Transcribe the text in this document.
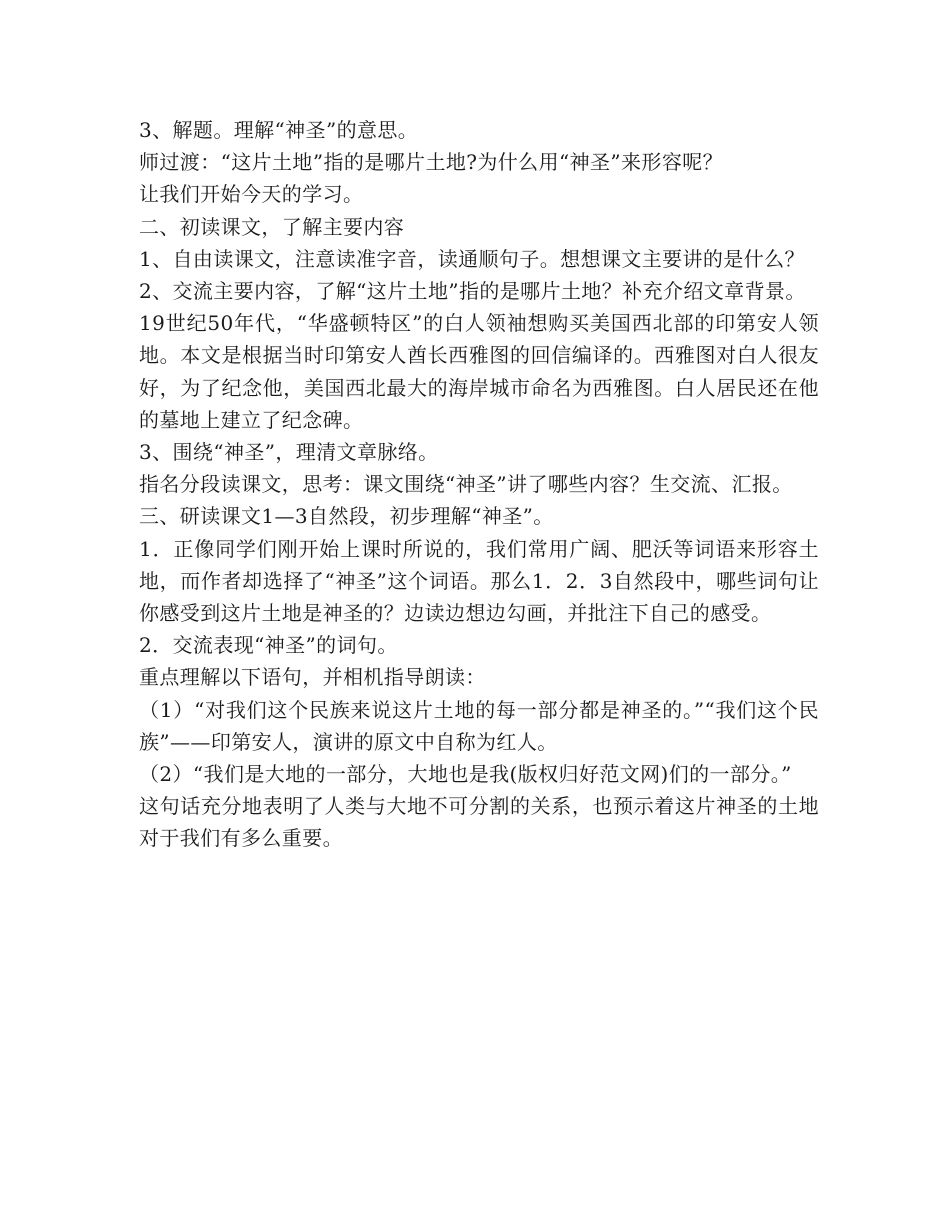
3、解题。理解“神圣”的意思。

师过渡：“这片土地”指的是哪片土地?为什么用“神圣”来形容呢？

让我们开始今天的学习。

二、初读课文，了解主要内容

1、自由读课文，注意读准字音，读通顺句子。想想课文主要讲的是什么？

2、交流主要内容，了解“这片土地”指的是哪片土地？补充介绍文章背景。

19世纪50年代，“华盛顿特区”的白人领袖想购买美国西北部的印第安人领地。本文是根据当时印第安人酋长西雅图的回信编译的。西雅图对白人很友好，为了纪念他，美国西北最大的海岸城市命名为西雅图。白人居民还在他的墓地上建立了纪念碑。

3、围绕“神圣”，理清文章脉络。

指名分段读课文，思考：课文围绕“神圣”讲了哪些内容？生交流、汇报。

三、研读课文1—3自然段，初步理解“神圣”。

1．正像同学们刚开始上课时所说的，我们常用广阔、肥沃等词语来形容土地，而作者却选择了“神圣”这个词语。那么1．2．3自然段中，哪些词句让你感受到这片土地是神圣的？边读边想边勾画，并批注下自己的感受。

2．交流表现“神圣”的词句。

重点理解以下语句，并相机指导朗读：

（1）“对我们这个民族来说这片土地的每一部分都是神圣的。”“我们这个民族”——印第安人，演讲的原文中自称为红人。

（2）“我们是大地的一部分，大地也是我(版权归好范文网)们的一部分。”

这句话充分地表明了人类与大地不可分割的关系，也预示着这片神圣的土地对于我们有多么重要。
